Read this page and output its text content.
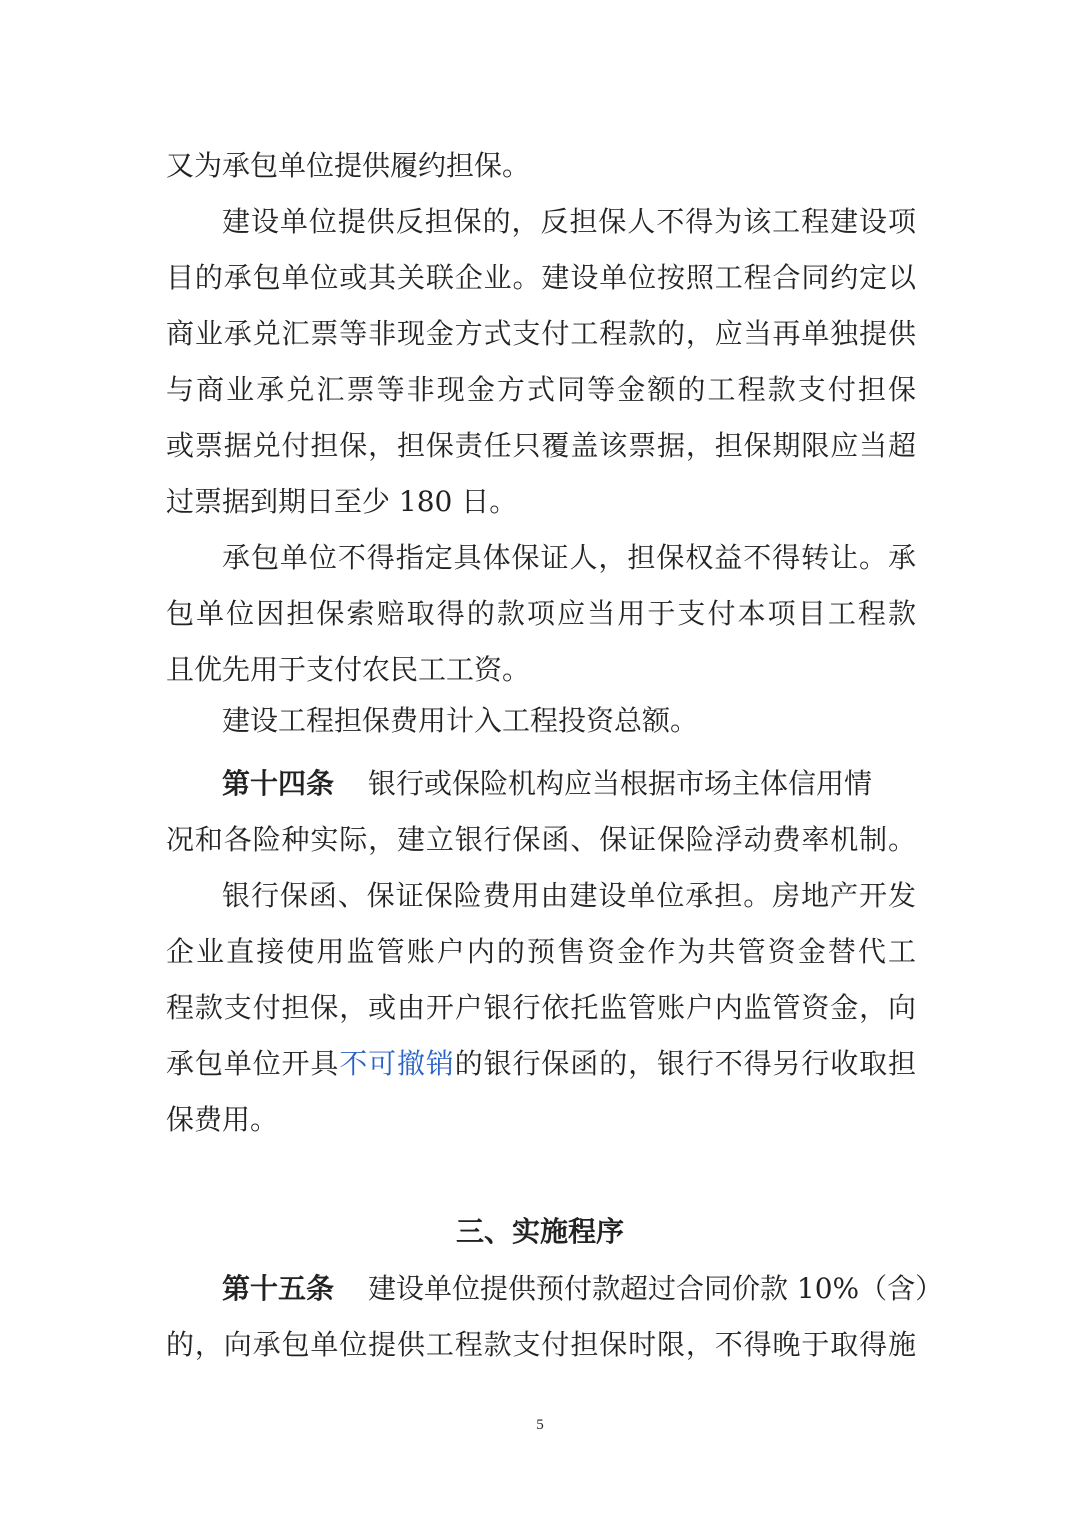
又为承包单位提供履约担保。
建设单位提供反担保的，反担保人不得为该工程建设项
目的承包单位或其关联企业。建设单位按照工程合同约定以
商业承兑汇票等非现金方式支付工程款的，应当再单独提供
与商业承兑汇票等非现金方式同等金额的工程款支付担保
或票据兑付担保，担保责任只覆盖该票据，担保期限应当超
过票据到期日至少 180 日。
承包单位不得指定具体保证人，担保权益不得转让。承
包单位因担保索赔取得的款项应当用于支付本项目工程款
且优先用于支付农民工工资。
建设工程担保费用计入工程投资总额。
第十四条 银行或保险机构应当根据市场主体信用情
况和各险种实际，建立银行保函、保证保险浮动费率机制。
银行保函、保证保险费用由建设单位承担。房地产开发
企业直接使用监管账户内的预售资金作为共管资金替代工
程款支付担保，或由开户银行依托监管账户内监管资金，向
承包单位开具不可撤销的银行保函的，银行不得另行收取担
保费用。
三、实施程序
第十五条 建设单位提供预付款超过合同价款 10%（含）
的，向承包单位提供工程款支付担保时限，不得晚于取得施
5
